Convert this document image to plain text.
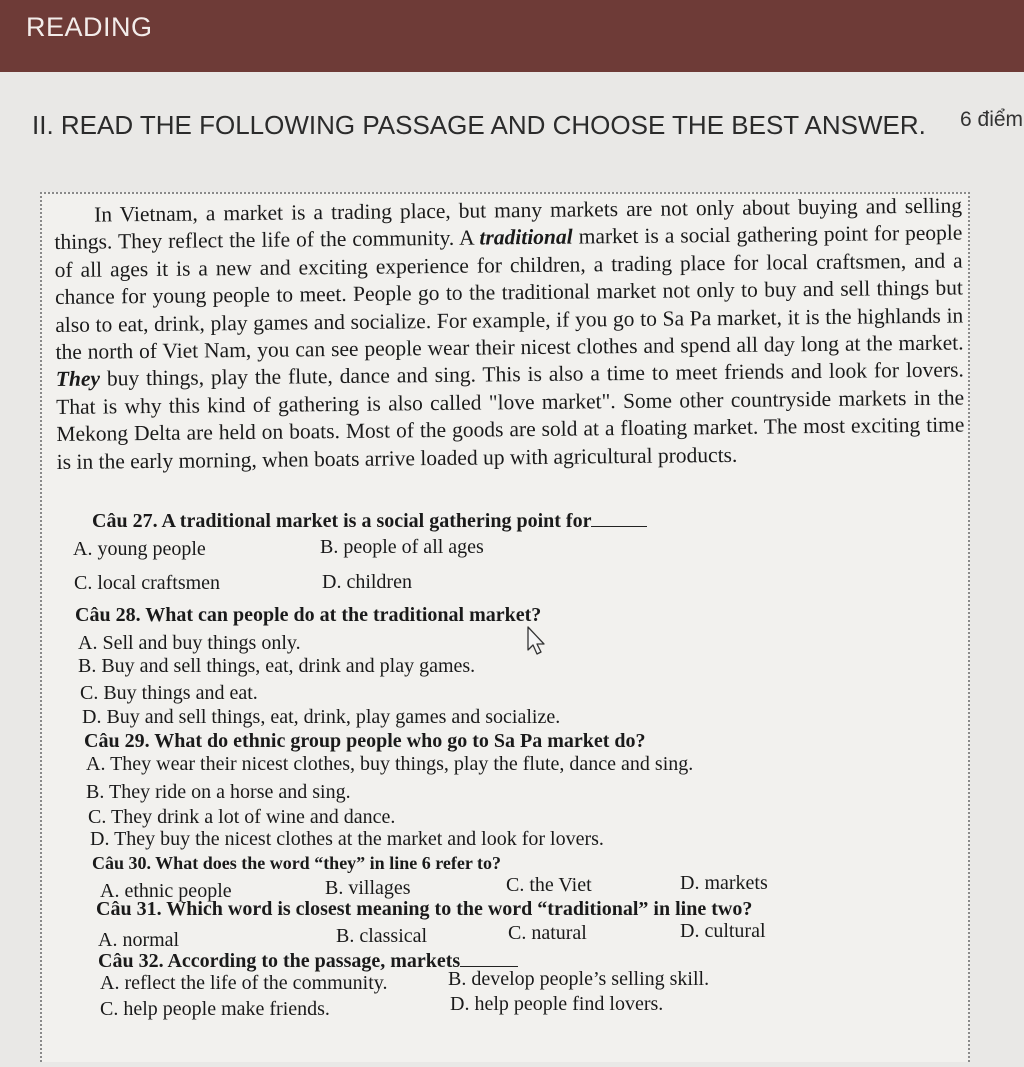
READING
II. READ THE FOLLOWING PASSAGE AND CHOOSE THE BEST ANSWER. 6 điểm

In Vietnam, a market is a trading place, but many markets are not only about buying and selling things. They reflect the life of the community. A traditional market is a social gathering point for people of all ages it is a new and exciting experience for children, a trading place for local craftsmen, and a chance for young people to meet. People go to the traditional market not only to buy and sell things but also to eat, drink, play games and socialize. For example, if you go to Sa Pa market, it is the highlands in the north of Viet Nam, you can see people wear their nicest clothes and spend all day long at the market. They buy things, play the flute, dance and sing. This is also a time to meet friends and look for lovers. That is why this kind of gathering is also called "love market". Some other countryside markets in the Mekong Delta are held on boats. Most of the goods are sold at a floating market. The most exciting time is in the early morning, when boats arrive loaded up with agricultural products.

Câu 27. A traditional market is a social gathering point for
A. young people	B. people of all ages
C. local craftsmen	D. children
Câu 28. What can people do at the traditional market?
A. Sell and buy things only.
B. Buy and sell things, eat, drink and play games.
C. Buy things and eat.
D. Buy and sell things, eat, drink, play games and socialize.
Câu 29. What do ethnic group people who go to Sa Pa market do?
A. They wear their nicest clothes, buy things, play the flute, dance and sing.
B. They ride on a horse and sing.
C. They drink a lot of wine and dance.
D. They buy the nicest clothes at the market and look for lovers.
Câu 30. What does the word “they” in line 6 refer to?
A. ethnic people	B. villages	C. the Viet	D. markets
Câu 31. Which word is closest meaning to the word “traditional” in line two?
A. normal	B. classical	C. natural	D. cultural
Câu 32. According to the passage, markets
A. reflect the life of the community.	B. develop people’s selling skill.
C. help people make friends.	D. help people find lovers.
